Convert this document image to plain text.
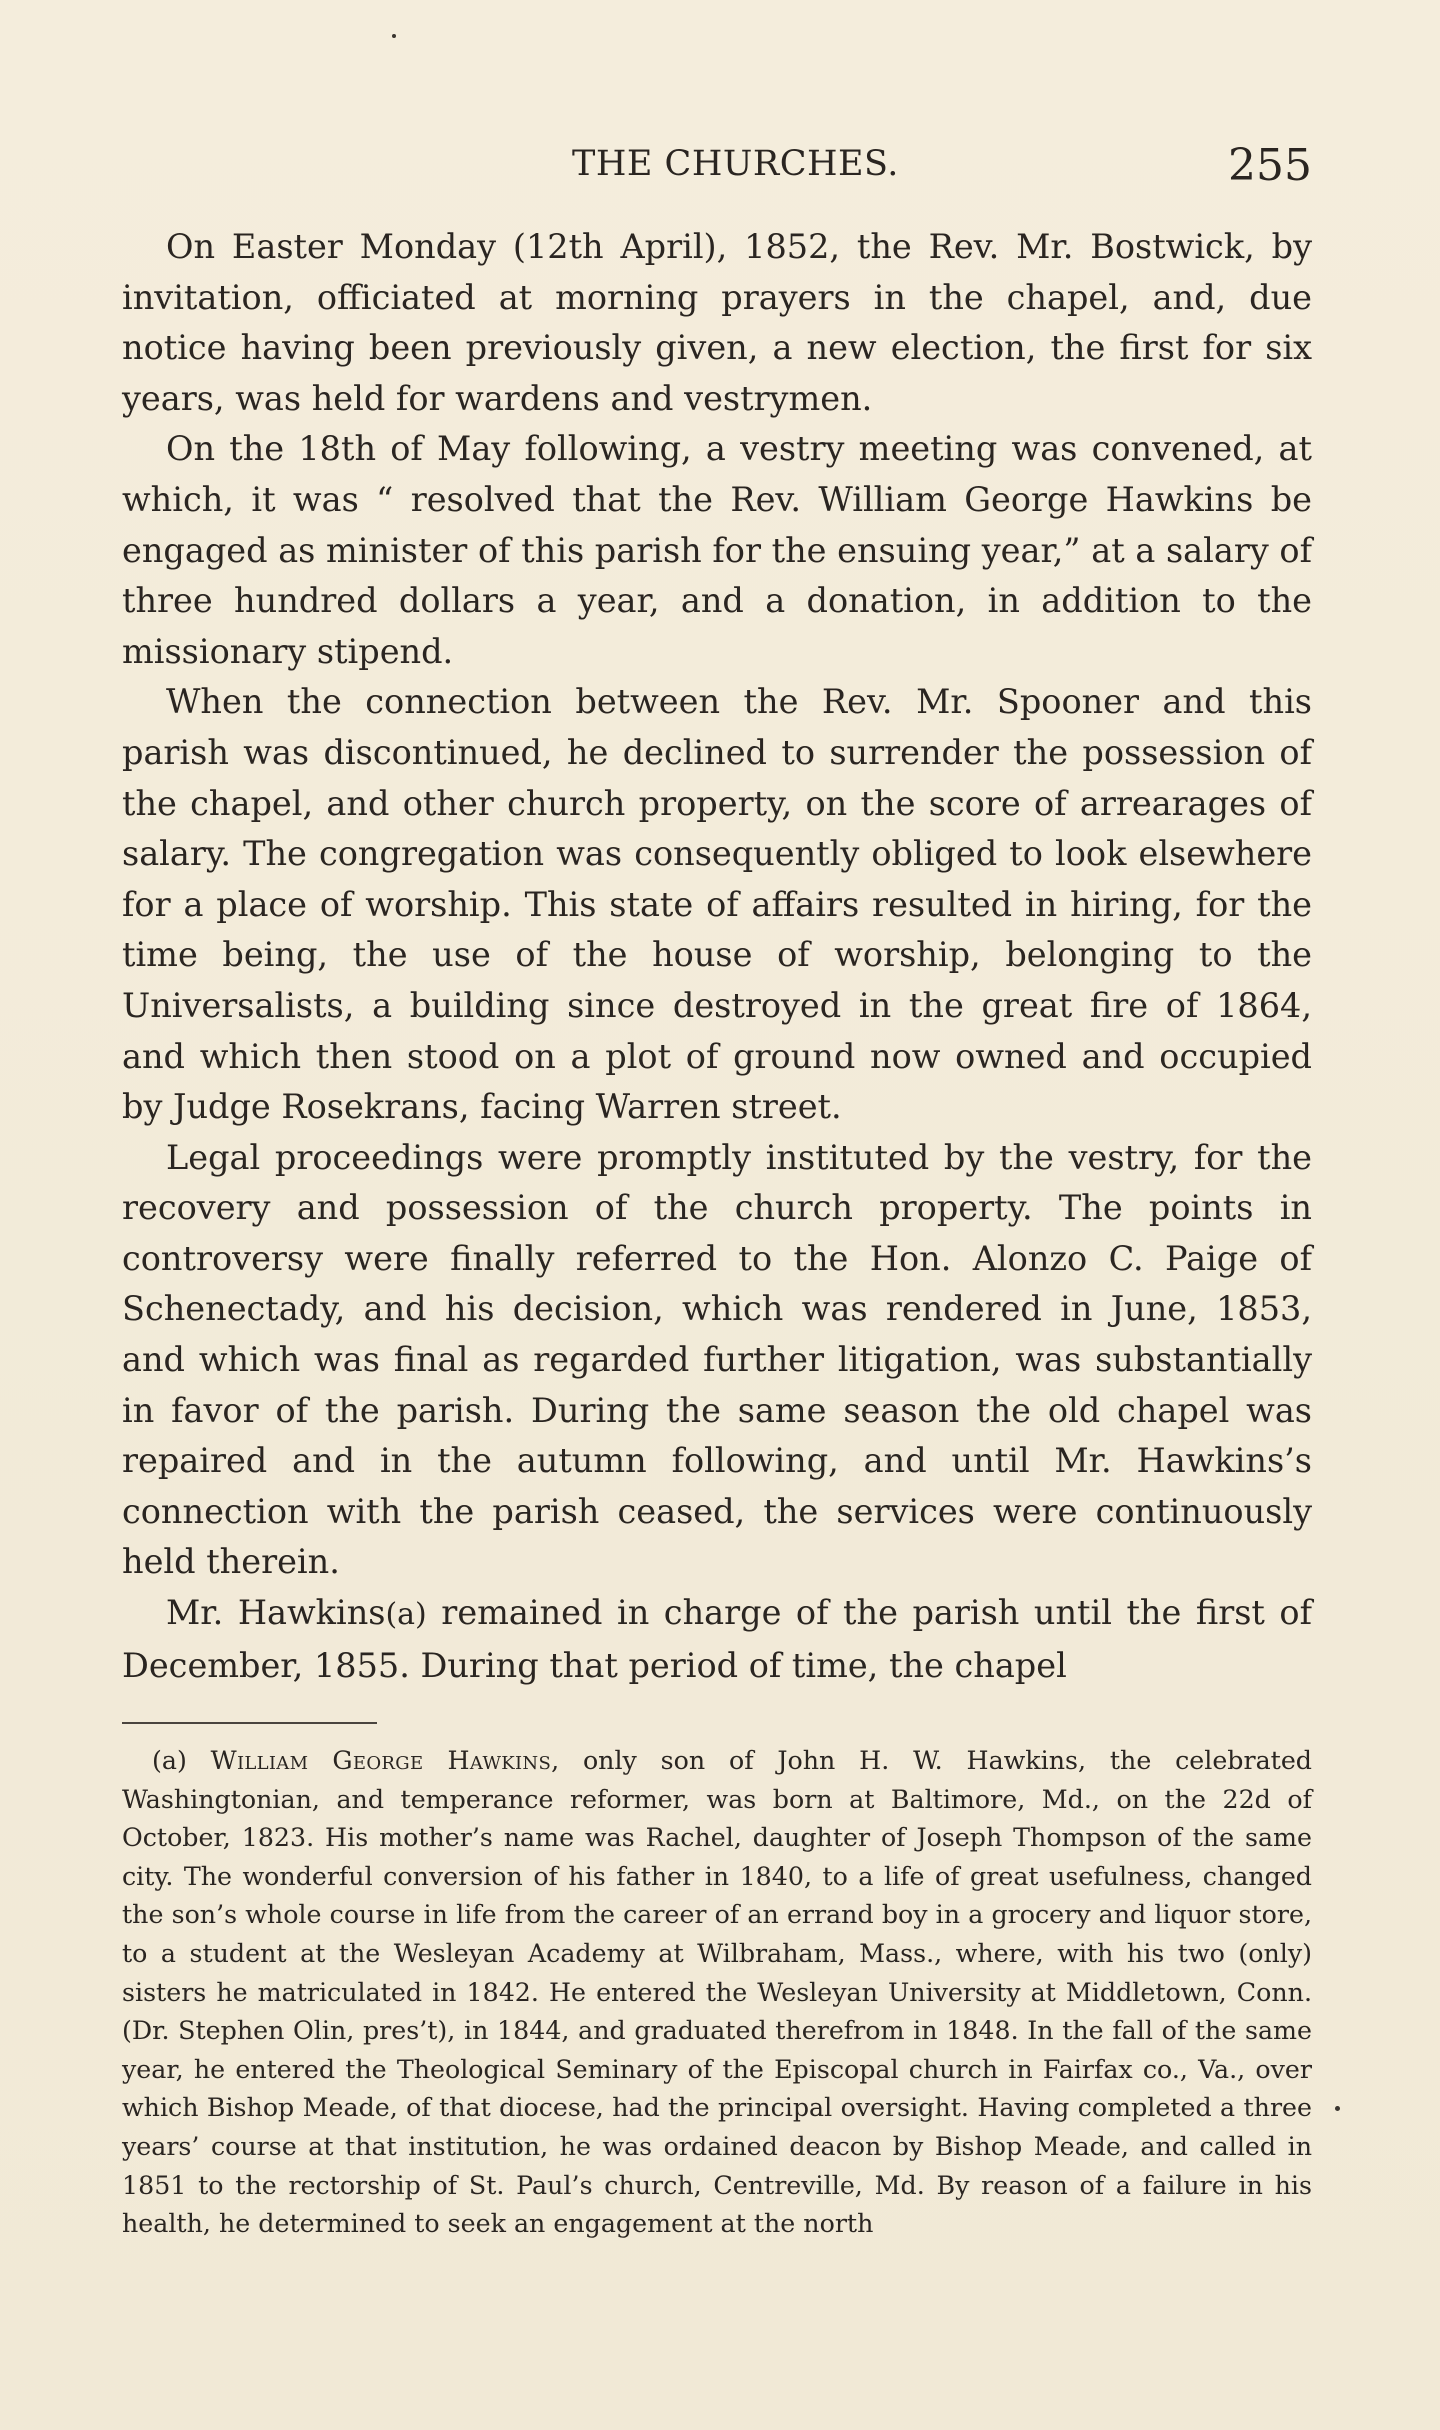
THE CHURCHES.	255

On Easter Monday (12th April), 1852, the Rev. Mr. Bostwick, by invitation, officiated at morning prayers in the chapel, and, due notice having been previously given, a new election, the first for six years, was held for wardens and vestrymen.

On the 18th of May following, a vestry meeting was convened, at which, it was “ resolved that the Rev. William George Hawkins be engaged as minister of this parish for the ensuing year,” at a salary of three hundred dollars a year, and a donation, in addition to the missionary stipend.

When the connection between the Rev. Mr. Spooner and this parish was discontinued, he declined to surrender the possession of the chapel, and other church property, on the score of arrearages of salary. The congregation was consequently obliged to look elsewhere for a place of worship. This state of affairs resulted in hiring, for the time being, the use of the house of worship, belonging to the Universalists, a building since destroyed in the great fire of 1864, and which then stood on a plot of ground now owned and occupied by Judge Rosekrans, facing Warren street.

Legal proceedings were promptly instituted by the vestry, for the recovery and possession of the church property. The points in controversy were finally referred to the Hon. Alonzo C. Paige of Schenectady, and his decision, which was rendered in June, 1853, and which was final as regarded further litigation, was substantially in favor of the parish. During the same season the old chapel was repaired and in the autumn following, and until Mr. Hawkins’s connection with the parish ceased, the services were continuously held therein.

Mr. Hawkins(a) remained in charge of the parish until the first of December, 1855. During that period of time, the chapel

(a) William George Hawkins, only son of John H. W. Hawkins, the celebrated Washingtonian, and temperance reformer, was born at Baltimore, Md., on the 22d of October, 1823. His mother’s name was Rachel, daughter of Joseph Thompson of the same city. The wonderful conversion of his father in 1840, to a life of great usefulness, changed the son’s whole course in life from the career of an errand boy in a grocery and liquor store, to a student at the Wesleyan Academy at Wilbraham, Mass., where, with his two (only) sisters he matriculated in 1842. He entered the Wesleyan University at Middletown, Conn. (Dr. Stephen Olin, pres’t), in 1844, and graduated therefrom in 1848. In the fall of the same year, he entered the Theological Seminary of the Episcopal church in Fairfax co., Va., over which Bishop Meade, of that diocese, had the principal oversight. Having completed a three years’ course at that institution, he was ordained deacon by Bishop Meade, and called in 1851 to the rectorship of St. Paul’s church, Centreville, Md. By reason of a failure in his health, he determined to seek an engagement at the north
